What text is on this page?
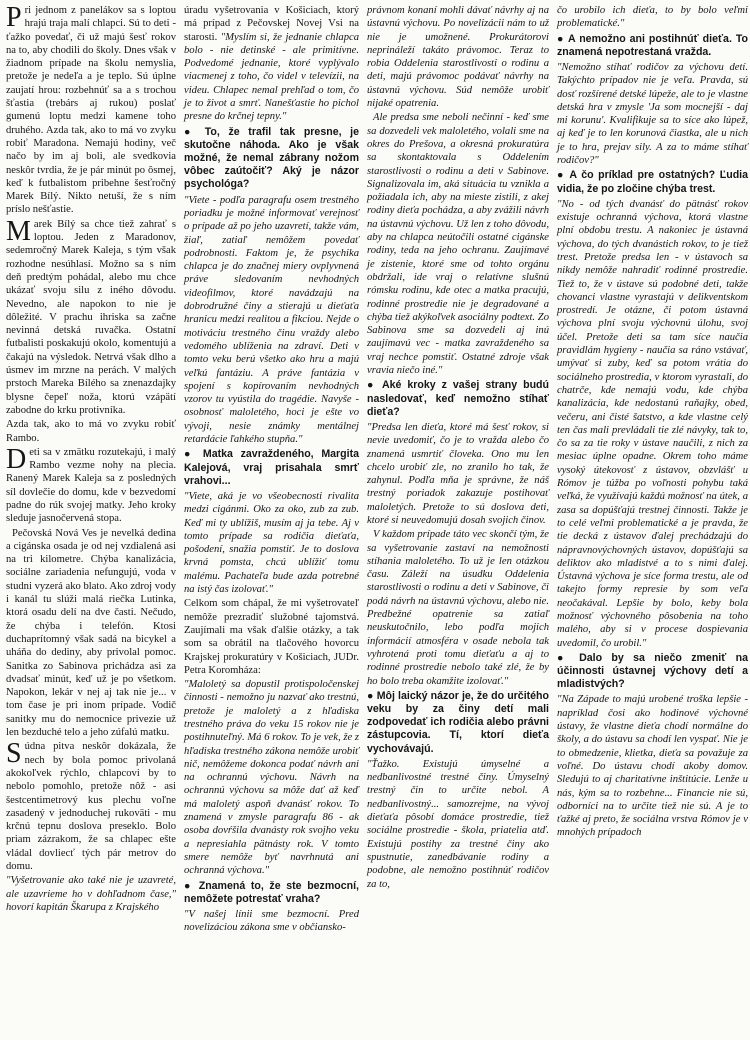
Pri jednom z panelákov sa s loptou hrajú traja malí chlapci. Sú to deti - ťažko povedať, či už majú šesť rokov na to, aby chodili do školy. Dnes však v žiadnom prípade na školu nemyslia, pretože je nedeľa a je teplo. Sú úplne zaujatí hrou: rozbehnúť sa a s trochou šťastia (trebárs aj rukou) poslať gumenú loptu medzi kamene toho druhého. Azda tak, ako to má vo zvyku robiť Maradona. Nemajú hodiny, več načo by im aj boli, ale svedkovia neskôr tvrdia, že je pár minút po ôsmej, keď k futbalistom pribehne šesťročný Marek Bílý. Nikto netuší, že s ním príslo nešťastie.

Marek Bílý sa chce tiež zahrať s loptou. Jeden z Maradonov, sedemročný Marek Kaleja, s tým však rozhodne nesúhlasí. Možno sa s ním deň predtým pohádal, alebo mu chce ukázať svoju silu z iného dôvodu. Nevedno, ale napokon to nie je dôležité. V prachu ihriska sa začne nevinná detská ruvačka. Ostatní futbalisti poskakujú okolo, komentujú a čakajú na výsledok. Netrvá však dlho a úsmev im mrzne na perách. V malých prstoch Mareka Bílého sa znenazdajky blysne čepeľ noža, ktorú vzápätí zabodne do krku protivníka.

Azda tak, ako to má vo zvyku robiť Rambo.

Deti sa v zmätku rozutekajú, i malý Rambo vezme nohy na plecia. Ranený Marek Kaleja sa z posledných síl dovlečie do domu, kde v bezvedomí padne do rúk svojej matky. Jeho kroky sleduje jasnočervená stopa.

Pečovská Nová Ves je nevelká dedina a cigánska osada je od nej vzdialená asi na tri kilometre. Chýba kanalizácia, sociálne zariadenia nefungujú, voda v studni vyzerá ako blato. Ako zdroj vody i kanál tu slúži malá riečka Lutinka, ktorá osadu delí na dve časti. Nečudo, že chýba i telefón. Ktosi duchaprítomný však sadá na bicykel a uháňa do dediny, aby privolal pomoc. Sanitka zo Sabinova prichádza asi za dvadsať minút, keď už je po všetkom. Napokon, lekár v nej aj tak nie je... v tom čase je pri inom prípade. Vodič sanitky mu do nemocnice privezie už len bezduché telo a jeho zúfalú matku.

Súdna pitva neskôr dokázala, že nech by bola pomoc privolaná akokoľvek rýchlo, chlapcovi by to nebolo pomohlo, pretože nôž - asi šestcentimetrový kus plechu voľne zasadený v jednoduchej rukoväti - mu krčnú tepnu doslova preseklo. Bolo priam zázrakom, že sa chlapec ešte vládal dovliecť tých pár metrov do domu.

"Vyšetrovanie ako také nie je uzavreté, ale uzavrieme ho v dohľadnom čase," hovorí kapitán Škarupa z Krajského

úradu vyšetrovania v Košiciach, ktorý má prípad z Pečovskej Novej Vsi na starosti. "Myslím si, že jednanie chlapca bolo - nie detinské - ale primitívne. Podvedomé jednanie, ktoré vyplývalo viacmenej z toho, čo videl v televízii, na videu. Chlapec nemal prehľad o tom, čo je to život a smrť. Nanešťastie ho pichol presne do krčnej tepny."

● To, že trafil tak presne, je skutočne náhoda. Ako je však možné, že nemal zábrany nožom vôbec zaútočiť? Aký je názor psychológa?

"Viete - podľa paragrafu osem trestného poriadku je možné informovať verejnosť o prípade až po jeho uzavretí, takže vám, žiaľ, zatiaľ nemôžem povedať podrobnosti. Faktom je, že psychika chlapca je do značnej miery ovplyvnená práve sledovaním nevhodných videofilmov, ktoré navádzajú na dobrodružné činy a stierajú u dieťaťa hranicu medzi realitou a fikciou. Nejde o motiváciu trestného činu vraždy alebo vedomého ublíženia na zdraví. Deti v tomto veku berú všetko ako hru a majú veľkú fantáziu. A práve fantázia v spojení s kopírovaním nevhodných vzorov tu vyústila do tragédie. Navyše - osobnosť maloletého, hoci je ešte vo vývoji, nesie známky mentálnej retardácie ľahkého stupňa."

● Matka zavraždeného, Margita Kalejová, vraj prisahala smrť vrahovi...

"Viete, aká je vo všeobecnosti rivalita medzi cigánmi. Oko za oko, zub za zub. Keď mi ty ublížiš, musím aj ja tebe. Aj v tomto prípade sa rodičia dieťaťa, pošodení, snažia pomstiť. Je to doslova krvná pomsta, chcú ublížiť tomu malému. Pachateľa bude azda potrebné na istý čas izolovať."

Celkom som chápal, že mi vyšetrovateľ nemôže prezradiť služobné tajomstvá. Zaujímali ma však ďalšie otázky, a tak som sa obrátil na tlačového hovorcu Krajskej prokuratúry v Košiciach, JUDr. Petra Koromháza:

"Maloletý sa dopustil protispoločenskej činnosti - nemožno ju nazvať ako trestnú, pretože je maloletý a z hľadiska trestného práva do veku 15 rokov nie je postihnuteľný. Má 6 rokov. To je vek, že z hľadiska trestného zákona nemôže urobiť nič, nemôžeme dokonca podať návrh ani na ochrannú výchovu. Návrh na ochrannú výchovu sa môže dať až keď má maloletý aspoň dvanásť rokov. To znamená v zmysle paragrafu 86 - ak osoba dovŕšila dvanásty rok svojho veku a nepresiahla pätnásty rok. V tomto smere nemôže byť navrhnutá ani ochranná výchova."

● Znamená to, že ste bezmocní, nemôžete potrestať vraha?

"V našej línii sme bezmocní. Pred novelizáciou zákona sme v občiansko-

právnom konaní mohli dávať návrhy aj na ústavnú výchovu. Po novelizácii nám to už nie je umožnené. Prokurátorovi neprináleží takáto právomoc. Teraz to robia Oddelenia starostlivosti o rodinu a deti, majú právomoc podávať návrhy na ústavnú výchovu. Súd nemôže urobiť nijaké opatrenia.

Ale predsa sme neboli nečinní - keď sme sa dozvedeli vek maloletého, volali sme na okres do Prešova, a okresná prokuratúra sa skontaktovala s Oddelením starostlivosti o rodinu a deti v Sabinove. Signalizovala im, aká situácia tu vznikla a požiadala ich, aby na mieste zistili, z akej rodiny dieťa pochádza, a aby zvážili návrh na ústavnú výchovu. Už len z toho dôvodu, aby na chlapca neútočili ostatné cigánske rodiny, teda na jeho ochranu. Zaujímavé je zistenie, ktoré sme od tohto orgánu obdržali, ide vraj o relatívne slušnú rómsku rodinu, kde otec a matka pracujú, rodinné prostredie nie je degradované a chýba tiež akýkoľvek asociálny podtext. Zo Sabinova sme sa dozvedeli aj inú zaujímavú vec - matka zavraždeného sa vraj nechce pomstiť. Ostatné zdroje však vravia niečo iné."

● Aké kroky z vašej strany budú nasledovať, keď nemožno stíhať dieťa?

"Predsa len dieťa, ktoré má šesť rokov, si nevie uvedomiť, čo je to vražda alebo čo znamená usmrtiť človeka. Ono mu len chcelo urobiť zle, no zranilo ho tak, že zahynul. Podľa mňa je správne, že náš trestný poriadok zakazuje postihovať maloletých. Pretože to sú doslova deti, ktoré si neuvedomujú dosah svojich činov.

V každom prípade táto vec skončí tým, že sa vyšetrovanie zastaví na nemožnosti stíhania maloletého. To už je len otázkou času. Záleží na úsudku Oddelenia starostlivosti o rodinu a deti v Sabinove, či podá návrh na ústavnú výchovu, alebo nie. Predbežné opatrenie sa zatiaľ neuskutočnilo, lebo podľa mojich informácií atmosféra v osade nebola tak vyhrotená proti tomu dieťaťu a aj to rodinné prostredie nebolo také zlé, že by ho bolo treba okamžite izolovať."

● Môj laický názor je, že do určitého veku by za činy detí mali zodpovedať ich rodičia alebo právni zástupcovia. Tí, ktorí dieťa vychovávajú.

"Ťažko. Existujú úmyselné a nedbanlivostné trestné činy. Úmyselný trestný čin to určite nebol. A nedbanlivostný... samozrejme, na vývoj dieťaťa pôsobí domáce prostredie, tiež sociálne prostredie - škola, priatelia atď. Existujú postihy za trestné činy ako spustnutie, zanedbávanie rodiny a podobne, ale nemožno postihnúť rodičov za to,

čo urobilo ich dieťa, to by bolo veľmi problematické."

● A nemožno ani postihnúť dieťa. To znamená nepotrestaná vražda.

"Nemožno stíhať rodičov za výchovu detí. Takýchto prípadov nie je veľa. Pravda, sú dosť rozšírené detské lúpeže, ale to je vlastne detská hra v zmysle 'Ja som mocnejší - daj mi korunu'. Kvalifikuje sa to síce ako lúpež, aj keď je to len korunová čiastka, ale u nich je to hra, prejav sily. A za to máme stíhať rodičov?"

● A čo príklad pre ostatných? Ľudia vidia, že po zločine chýba trest.

"No - od tých dvanásť do pätnásť rokov existuje ochranná výchova, ktorá vlastne plní obdobu trestu. A nakoniec je ústavná výchova, do tých dvanástich rokov, to je tiež trest. Pretože predsa len - v ústavoch sa nikdy nemôže nahradiť rodinné prostredie. Tiež to, že v ústave sú podobné deti, takže chovanci vlastne vyrastajú v delikventskom prostredí. Je otázne, či potom ústavná výchova plní svoju výchovnú úlohu, svoj účel. Pretože deti sa tam síce naučia pravidlám hygieny - naučia sa ráno vstávať, umývať si zuby, keď sa potom vrátia do sociálneho prostredia, v ktorom vyrastali, do chatrče, kde nemajú vodu, kde chýba kanalizácia, kde nedostanú raňajky, obed, večeru, ani čisté šatstvo, a kde vlastne celý ten čas mali prevládali tie zlé návyky, tak to, čo sa za tie roky v ústave naučili, z nich za mesiac úplne opadne. Okrem toho máme vysoký útekovosť z ústavov, obzvlášť u Rómov je túžba po voľnosti pohybu taká veľká, že využívajú každú možnosť na útek, a zasa sa dopúšťajú trestnej činnosti. Takže je to celé veľmi problematické a je pravda, že tie decká z ústavov ďalej prechádzajú do nápravnovýchovných ústavov, dopúšťajú sa deliktov ako mladistvé a to s nimi ďalej. Ústavná výchova je síce forma trestu, ale od takejto formy represie by som veľa neočakával. Lepšie by bolo, keby bola možnosť výchovného pôsobenia na toho malého, aby si v procese dospievania uvedomil, čo urobil."

● Dalo by sa niečo zmeniť na účinnosti ústavnej výchovy detí a mladistvých?

"Na Západe to majú urobené troška lepšie - napríklad čosi ako hodinové výchovné ústavy, že vlastne dieťa chodí normálne do školy, a do ústavu sa chodí len vyspať. Nie je to obmedzenie, klietka, dieťa sa považuje za voľné. Do ústavu chodí akoby domov. Sledujú to aj charitatívne inštitúcie. Lenže u nás, kým sa to rozbehne... Financie nie sú, odborníci na to určite tiež nie sú. A je to ťažké aj preto, že sociálna vrstva Rómov je v mnohých prípadoch
